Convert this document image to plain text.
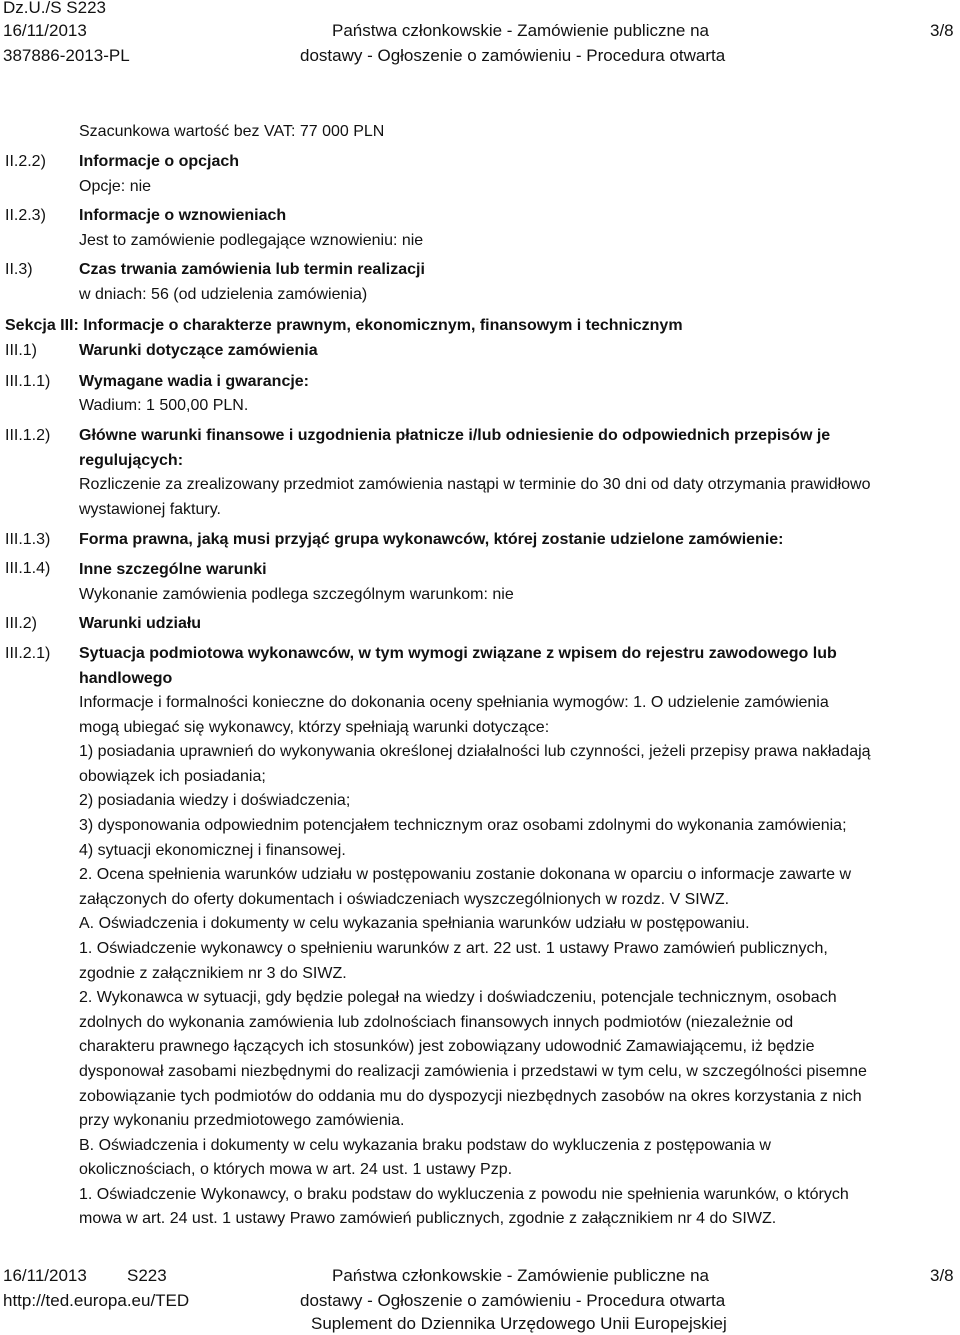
Dz.U./S S223
16/11/2013
387886-2013-PL
Państwa członkowskie - Zamówienie publiczne na
dostawy - Ogłoszenie o zamówieniu - Procedura otwarta
3/8
Szacunkowa wartość bez VAT: 77 000 PLN
II.2.2) Informacje o opcjach
Opcje: nie
II.2.3) Informacje o wznowieniach
Jest to zamówienie podlegające wznowieniu: nie
II.3)	Czas trwania zamówienia lub termin realizacji
w dniach: 56 (od udzielenia zamówienia)
Sekcja III: Informacje o charakterze prawnym, ekonomicznym, finansowym i technicznym
III.1)	Warunki dotyczące zamówienia
III.1.1) Wymagane wadia i gwarancje:
Wadium: 1 500,00 PLN.
III.1.2) Główne warunki finansowe i uzgodnienia płatnicze i/lub odniesienie do odpowiednich przepisów je
regulujących:
Rozliczenie za zrealizowany przedmiot zamówienia nastąpi w terminie do 30 dni od daty otrzymania prawidłowo
wystawionej faktury.
III.1.3) Forma prawna, jaką musi przyjąć grupa wykonawców, której zostanie udzielone zamówienie:
III.1.4) Inne szczególne warunki
Wykonanie zamówienia podlega szczególnym warunkom: nie
III.2)	Warunki udziału
III.2.1) Sytuacja podmiotowa wykonawców, w tym wymogi związane z wpisem do rejestru zawodowego lub
handlowego
Informacje i formalności konieczne do dokonania oceny spełniania wymogów: 1. O udzielenie zamówienia
mogą ubiegać się wykonawcy, którzy spełniają warunki dotyczące:
1) posiadania uprawnień do wykonywania określonej działalności lub czynności, jeżeli przepisy prawa nakładają
obowiązek ich posiadania;
2) posiadania wiedzy i doświadczenia;
3) dysponowania odpowiednim potencjałem technicznym oraz osobami zdolnymi do wykonania zamówienia;
4) sytuacji ekonomicznej i finansowej.
2. Ocena spełnienia warunków udziału w postępowaniu zostanie dokonana w oparciu o informacje zawarte w
załączonych do oferty dokumentach i oświadczeniach wyszczególnionych w rozdz. V SIWZ.
A. Oświadczenia i dokumenty w celu wykazania spełniania warunków udziału w postępowaniu.
1. Oświadczenie wykonawcy o spełnieniu warunków z art. 22 ust. 1 ustawy Prawo zamówień publicznych,
zgodnie z załącznikiem nr 3 do SIWZ.
2. Wykonawca w sytuacji, gdy będzie polegał na wiedzy i doświadczeniu, potencjale technicznym, osobach
zdolnych do wykonania zamówienia lub zdolnościach finansowych innych podmiotów (niezależnie od
charakteru prawnego łączących ich stosunków) jest zobowiązany udowodnić Zamawiającemu, iż będzie
dysponował zasobami niezbędnymi do realizacji zamówienia i przedstawi w tym celu, w szczególności pisemne
zobowiązanie tych podmiotów do oddania mu do dyspozycji niezbędnych zasobów na okres korzystania z nich
przy wykonaniu przedmiotowego zamówienia.
B. Oświadczenia i dokumenty w celu wykazania braku podstaw do wykluczenia z postępowania w
okolicznościach, o których mowa w art. 24 ust. 1 ustawy Pzp.
1. Oświadczenie Wykonawcy, o braku podstaw do wykluczenia z powodu nie spełnienia warunków, o których
mowa w art. 24 ust. 1 ustawy Prawo zamówień publicznych, zgodnie z załącznikiem nr 4 do SIWZ.
16/11/2013 S223
http://ted.europa.eu/TED
Państwa członkowskie - Zamówienie publiczne na
dostawy - Ogłoszenie o zamówieniu - Procedura otwarta
Suplement do Dziennika Urzędowego Unii Europejskiej
3/8
